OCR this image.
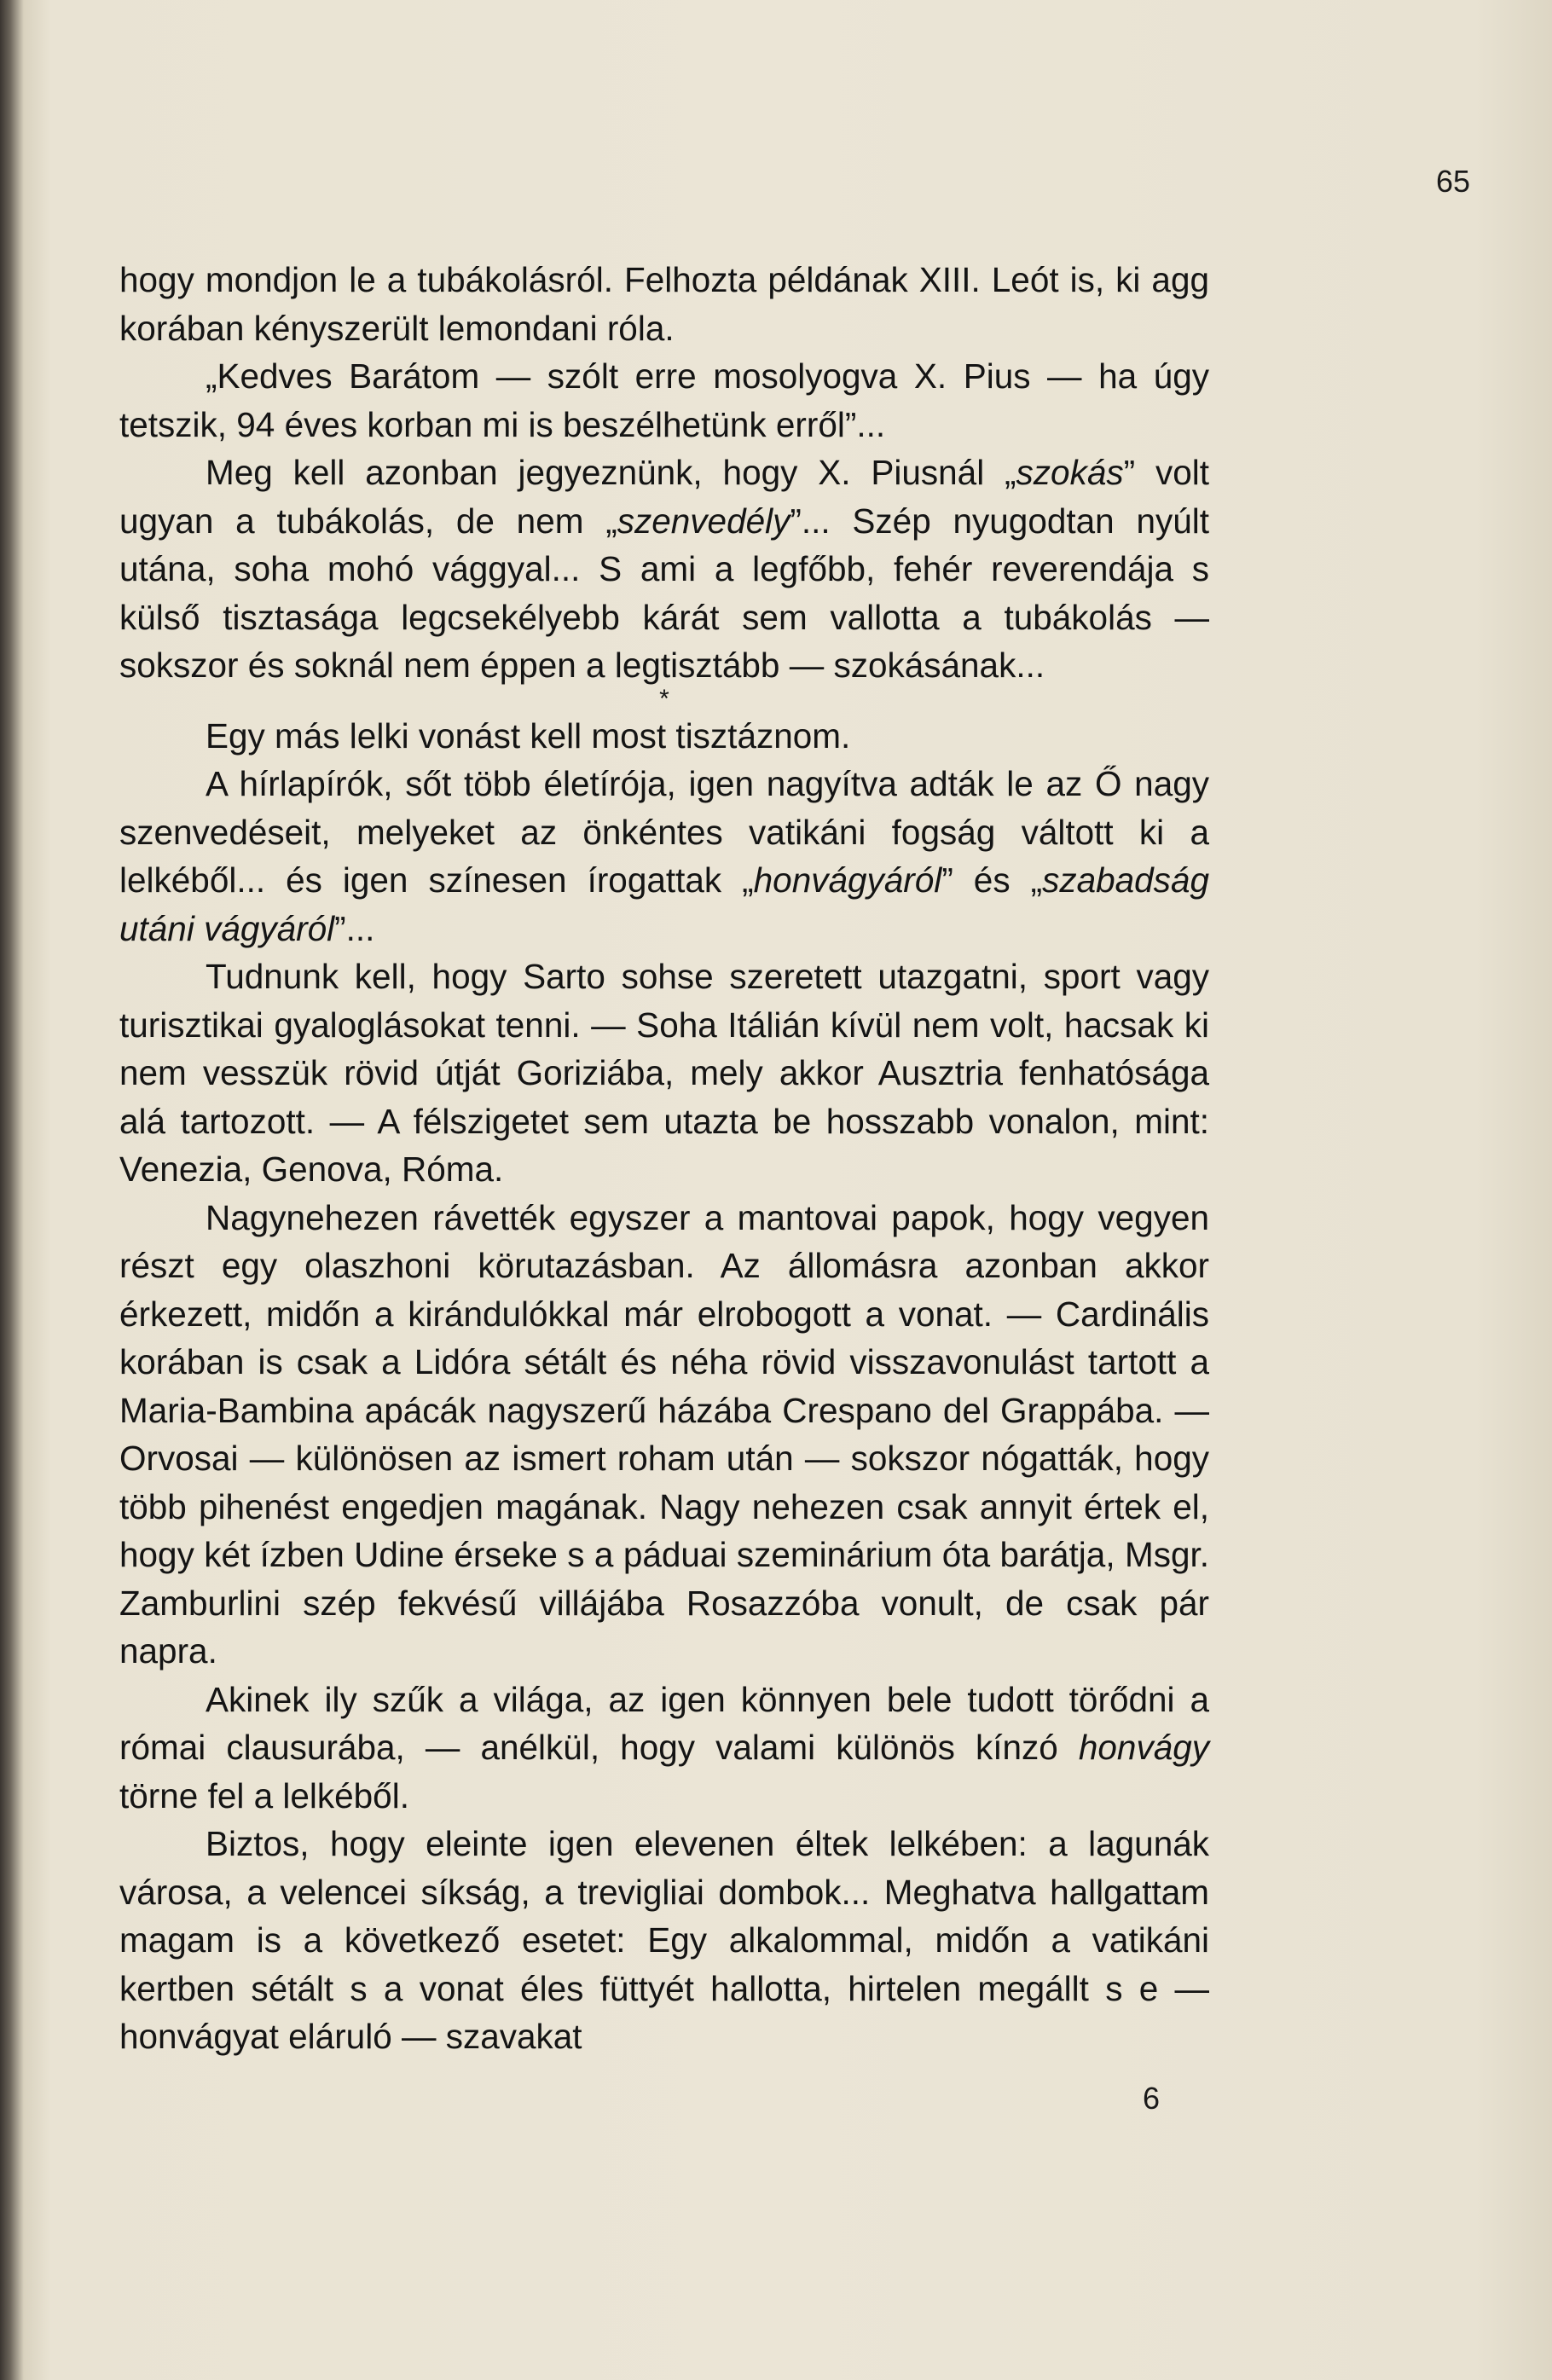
65

hogy mondjon le a tubákolásról. Felhozta példának XIII. Leót is, ki agg korában kényszerült lemondani róla.

„Kedves Barátom — szólt erre mosolyogva X. Pius — ha úgy tetszik, 94 éves korban mi is beszélhetünk erről”...

Meg kell azonban jegyeznünk, hogy X. Piusnál „szokás” volt ugyan a tubákolás, de nem „szenvedély”... Szép nyugodtan nyúlt utána, soha mohó vággyal... S ami a legfőbb, fehér reverendája s külső tisztasága legcsekélyebb kárát sem vallotta a tubákolás — sokszor és soknál nem éppen a legtisztább — szokásának...

*

Egy más lelki vonást kell most tisztáznom.

A hírlapírók, sőt több életírója, igen nagyítva adták le az Ő nagy szenvedéseit, melyeket az önkéntes vatikáni fogság váltott ki a lelkéből... és igen színesen írogattak „honvágyáról” és „szabadság utáni vágyáról”...

Tudnunk kell, hogy Sarto sohse szeretett utazgatni, sport vagy turisztikai gyaloglásokat tenni. — Soha Itálián kívül nem volt, hacsak ki nem vesszük rövid útját Goriziába, mely akkor Ausztria fenhatósága alá tartozott. — A félszigetet sem utazta be hosszabb vonalon, mint: Venezia, Genova, Róma.

Nagynehezen rávették egyszer a mantovai papok, hogy vegyen részt egy olaszhoni körutazásban. Az állomásra azonban akkor érkezett, midőn a kirándulókkal már elrobogott a vonat. — Cardinális korában is csak a Lidóra sétált és néha rövid visszavonulást tartott a Maria-Bambina apácák nagyszerű házába Crespano del Grappába. — Orvosai — különösen az ismert roham után — sokszor nógatták, hogy több pihenést engedjen magának. Nagy nehezen csak annyit értek el, hogy két ízben Udine érseke s a páduai szeminárium óta barátja, Msgr. Zamburlini szép fekvésű villájába Rosazzóba vonult, de csak pár napra.

Akinek ily szűk a világa, az igen könnyen bele tudott törődni a római clausurába, — anélkül, hogy valami különös kínzó honvágy törne fel a lelkéből.

Biztos, hogy eleinte igen elevenen éltek lelkében: a lagunák városa, a velencei síkság, a trevigliai dombok... Meghatva hallgattam magam is a következő esetet: Egy alkalommal, midőn a vatikáni kertben sétált s a vonat éles füttyét hallotta, hirtelen megállt s e — honvágyat eláruló — szavakat

6
